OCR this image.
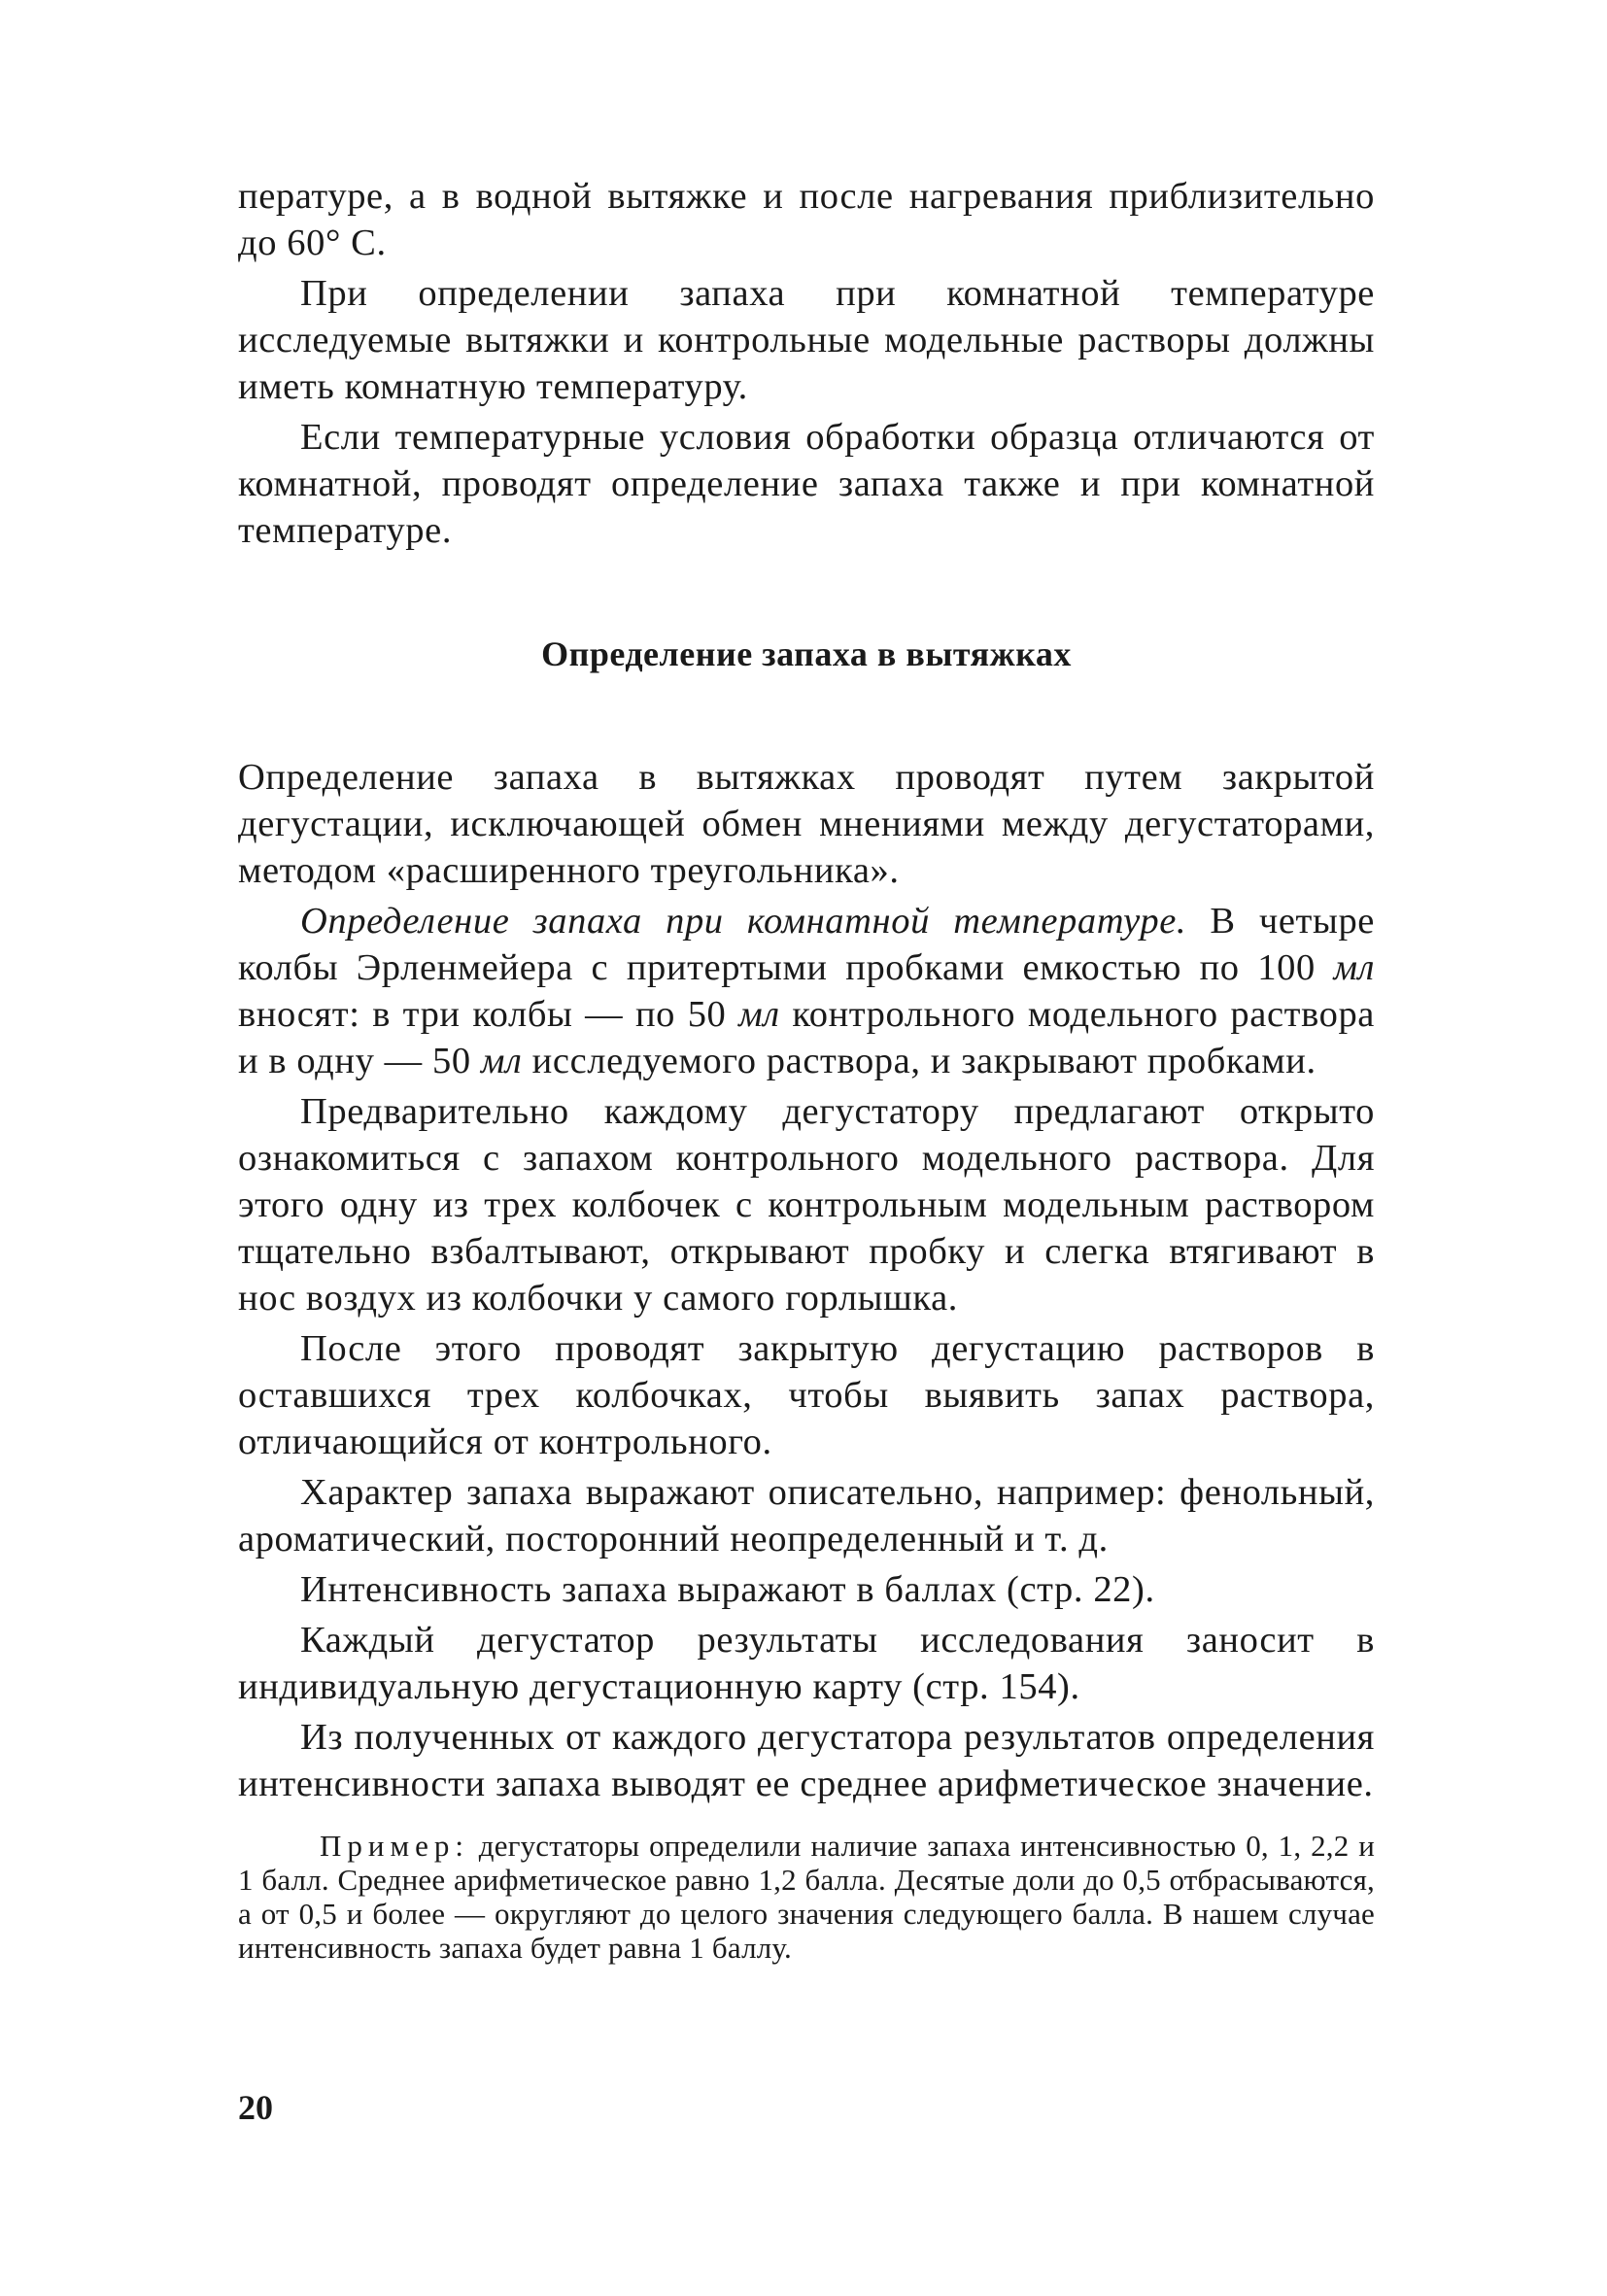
пературе, а в водной вытяжке и после нагревания приблизительно до 60° С.

При определении запаха при комнатной температуре исследуемые вытяжки и контрольные модельные растворы должны иметь комнатную температуру.

Если температурные условия обработки образца отличаются от комнатной, проводят определение запаха также и при комнатной температуре.

Определение запаха в вытяжках

Определение запаха в вытяжках проводят путем закрытой дегустации, исключающей обмен мнениями между дегустаторами, методом «расширенного треугольника».

Определение запаха при комнатной температуре. В четыре колбы Эрленмейера с притертыми пробками емкостью по 100 мл вносят: в три колбы — по 50 мл контрольного модельного раствора и в одну — 50 мл исследуемого раствора, и закрывают пробками.

Предварительно каждому дегустатору предлагают открыто ознакомиться с запахом контрольного модельного раствора. Для этого одну из трех колбочек с контрольным модельным раствором тщательно взбалтывают, открывают пробку и слегка втягивают в нос воздух из колбочки у самого горлышка.

После этого проводят закрытую дегустацию растворов в оставшихся трех колбочках, чтобы выявить запах раствора, отличающийся от контрольного.

Характер запаха выражают описательно, например: фенольный, ароматический, посторонний неопределенный и т. д.

Интенсивность запаха выражают в баллах (стр. 22).

Каждый дегустатор результаты исследования заносит в индивидуальную дегустационную карту (стр. 154).

Из полученных от каждого дегустатора результатов определения интенсивности запаха выводят ее среднее арифметическое значение.

Пример: дегустаторы определили наличие запаха интенсивностью 0, 1, 2,2 и 1 балл. Среднее арифметическое равно 1,2 балла. Десятые доли до 0,5 отбрасываются, а от 0,5 и более — округляют до целого значения следующего балла. В нашем случае интенсивность запаха будет равна 1 баллу.

20
